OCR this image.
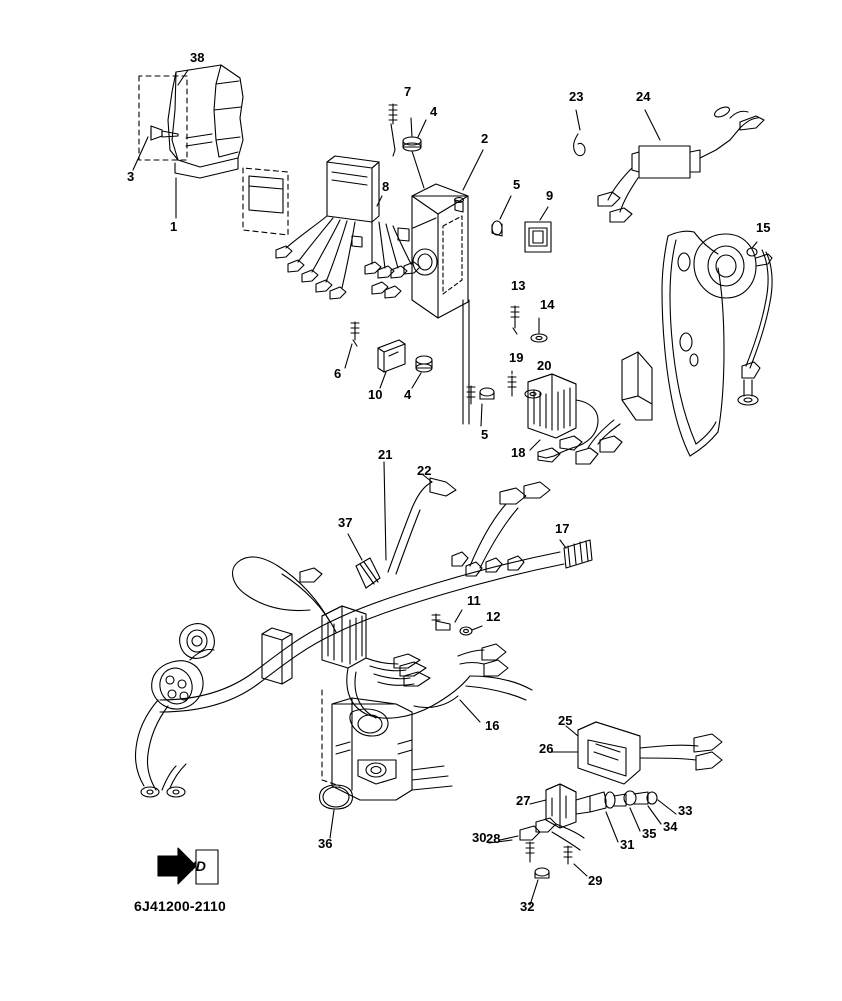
38
7
4
23	24
3
2
5
9
8
1	15
13
14
19
20
6
10 4
5
18
21
22
37	17
11
12
16	25
26
27
33
34
35
31
28
30
29
32
36
FWD
6J41200-2110
